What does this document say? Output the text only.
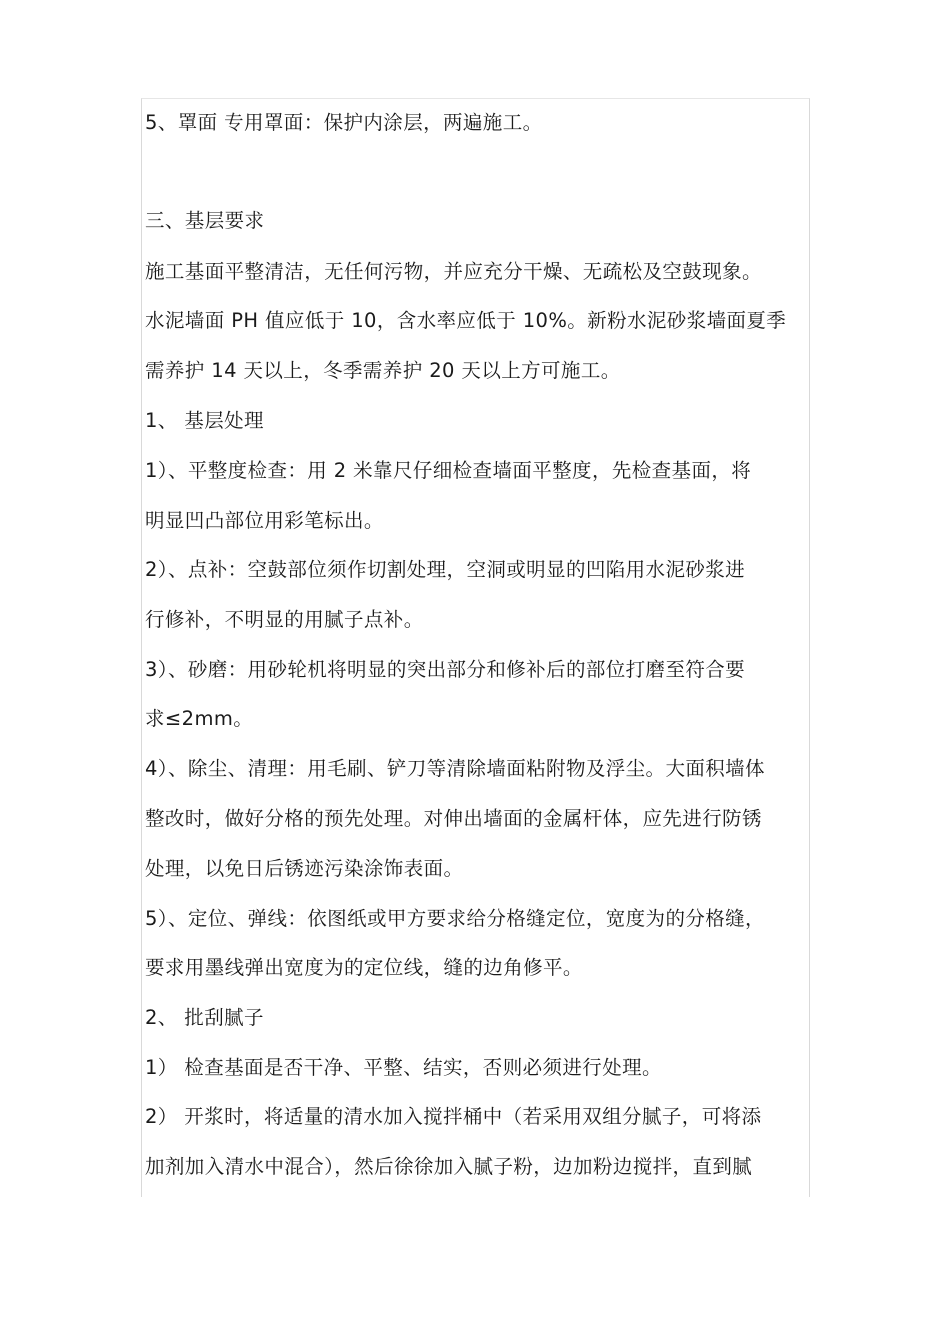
5、罩面 专用罩面：保护内涂层，两遍施工。
三、基层要求
施工基面平整清洁，无任何污物，并应充分干燥、无疏松及空鼓现象。
水泥墙面 PH 值应低于 10，含水率应低于 10%。新粉水泥砂浆墙面夏季
需养护 14 天以上，冬季需养护 20 天以上方可施工。
1、 基层处理
1）、平整度检查：用 2 米靠尺仔细检查墙面平整度，先检查基面，将
明显凹凸部位用彩笔标出。
2）、点补：空鼓部位须作切割处理，空洞或明显的凹陷用水泥砂浆进
行修补，不明显的用腻子点补。
3）、砂磨：用砂轮机将明显的突出部分和修补后的部位打磨至符合要
求≤2mm。
4）、除尘、清理：用毛刷、铲刀等清除墙面粘附物及浮尘。大面积墙体
整改时，做好分格的预先处理。对伸出墙面的金属杆体，应先进行防锈
处理，以免日后锈迹污染涂饰表面。
5）、定位、弹线：依图纸或甲方要求给分格缝定位，宽度为的分格缝，
要求用墨线弹出宽度为的定位线，缝的边角修平。
2、 批刮腻子
1） 检查基面是否干净、平整、结实，否则必须进行处理。
2） 开浆时，将适量的清水加入搅拌桶中（若采用双组分腻子，可将添
加剂加入清水中混合），然后徐徐加入腻子粉，边加粉边搅拌，直到腻
